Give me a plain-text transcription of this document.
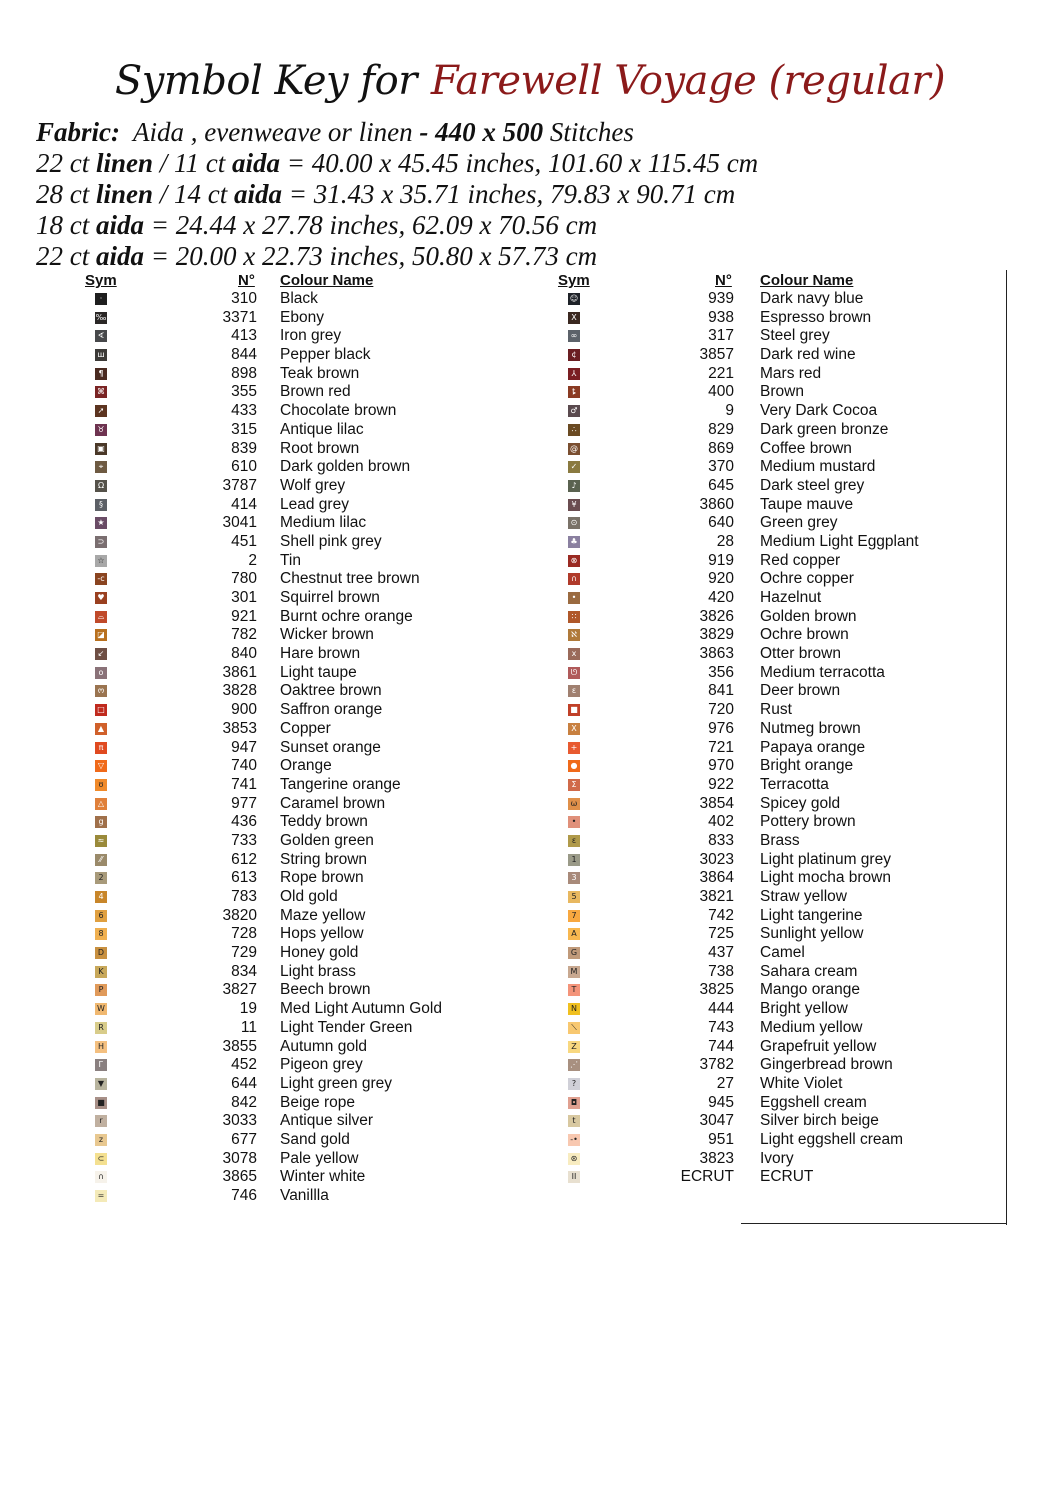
Symbol Key for Farewell Voyage (regular)
Fabric: Aida , evenweave or linen - 440 x 500 Stitches
22 ct linen / 11 ct aida = 40.00 x 45.45 inches, 101.60 x 115.45 cm
28 ct linen / 14 ct aida = 31.43 x 35.71 inches, 79.83 x 90.71 cm
18 ct aida = 24.44 x 27.78 inches, 62.09 x 70.56 cm
22 ct aida = 20.00 x 22.73 inches, 50.80 x 57.73 cm
Sym	N° Colour Name
·	310 Black
‰	3371 Ebony
∢	413 Iron grey
ш	844 Pepper black
¶	898 Teak brown
⌘	355 Brown red
➚	433 Chocolate brown
♉	315 Antique lilac
▣	839 Root brown
⌖	610 Dark golden brown
Ω	3787 Wolf grey
§	414 Lead grey
★	3041 Medium lilac
⊃	451 Shell pink grey
☆	2 Tin
-c	780 Chestnut tree brown
♥	301 Squirrel brown
⌓	921 Burnt ochre orange
◪	782 Wicker brown
↙	840 Hare brown
o	3861 Light taupe
ო	3828 Oaktree brown
□	900 Saffron orange
▲	3853 Copper
π	947 Sunset orange
▽	740 Orange
ʊ	741 Tangerine orange
△	977 Caramel brown
g	436 Teddy brown
≈	733 Golden green
⁄⁄	612 String brown
2	613 Rope brown
4	783 Old gold
6	3820 Maze yellow
8	728 Hops yellow
D	729 Honey gold
K	834 Light brass
P	3827 Beech brown
W	19 Med Light Autumn Gold
R	11 Light Tender Green
H	3855 Autumn gold
Г	452 Pigeon grey
▼	644 Light green grey
■	842 Beige rope
r	3033 Antique silver
z	677 Sand gold
⊂	3078 Pale yellow
∩	3865 Winter white
=	746 Vanillla
Sym	N° Colour Name
☺	939 Dark navy blue
X	938 Espresso brown
∞	317 Steel grey
¢	3857 Dark red wine
⅄	221 Mars red
ȶ	400 Brown
♂	9 Very Dark Cocoa
∴	829 Dark green bronze
@	869 Coffee brown
✓	370 Medium mustard
♪	645 Dark steel grey
¥	3860 Taupe mauve
⊙	640 Green grey
♣	28 Medium Light Eggplant
⊗	919 Red copper
∩	920 Ochre copper
•	420 Hazelnut
∷	3826 Golden brown
ℵ	3829 Ochre brown
x	3863 Otter brown
ᘎ	356 Medium terracotta
ε	841 Deer brown
■	720 Rust
X	976 Nutmeg brown
+	721 Papaya orange
●	970 Bright orange
Σ	922 Terracotta
ω	3854 Spicey gold
•	402 Pottery brown
ɛ	833 Brass
1	3023 Light platinum grey
3	3864 Light mocha brown
5	3821 Straw yellow
7	742 Light tangerine
A	725 Sunlight yellow
G	437 Camel
M	738 Sahara cream
T	3825 Mango orange
N	444 Bright yellow
⟍	743 Medium yellow
Z	744 Grapefruit yellow
⋰	3782 Gingerbread brown
?	27 White Violet
◘	945 Eggshell cream
t	3047 Silver birch beige
-•	951 Light eggshell cream
⊛	3823 Ivory
II	ECRUT ECRUT
